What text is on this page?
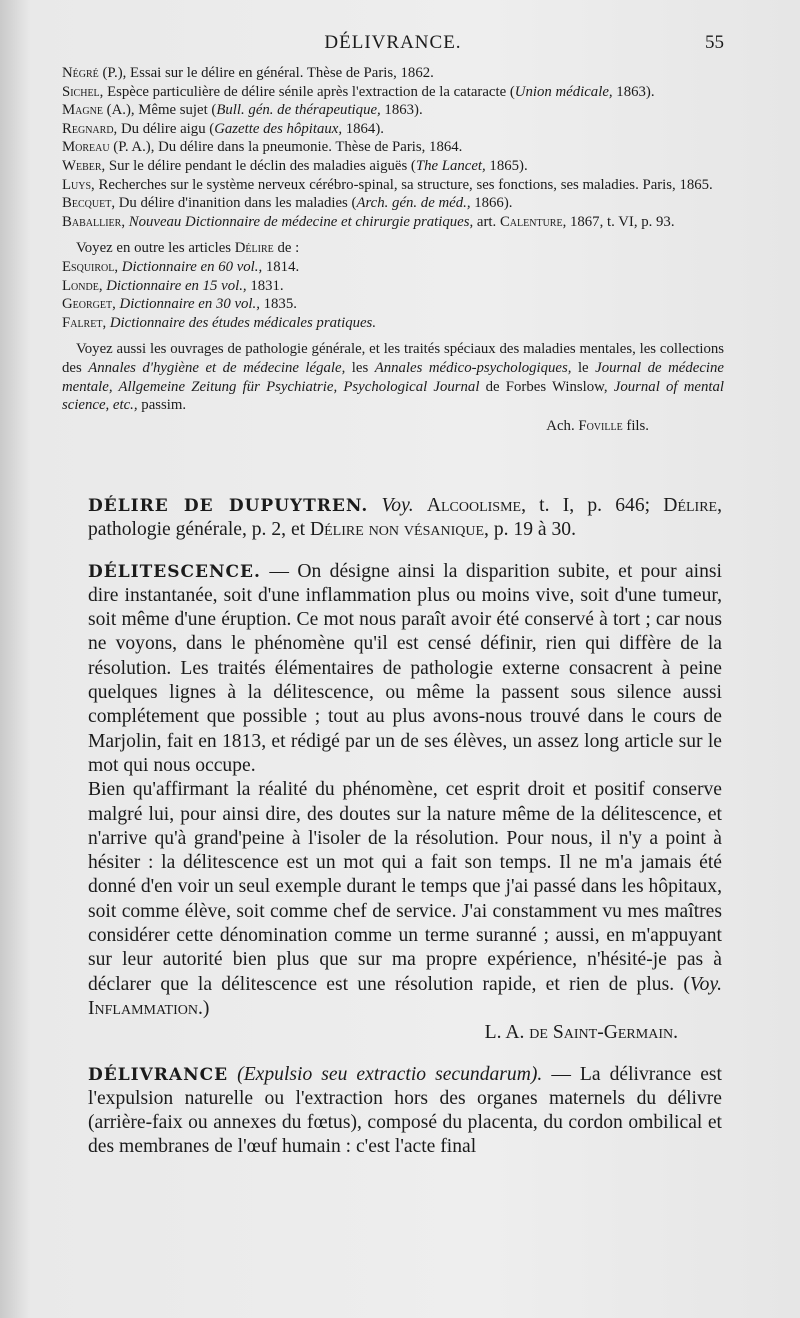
DÉLIVRANCE.	55

Négré (P.), Essai sur le délire en général. Thèse de Paris, 1862.

Sichel, Espèce particulière de délire sénile après l'extraction de la cataracte (Union médicale, 1863).

Magne (A.), Même sujet (Bull. gén. de thérapeutique, 1863).

Regnard, Du délire aigu (Gazette des hôpitaux, 1864).

Moreau (P. A.), Du délire dans la pneumonie. Thèse de Paris, 1864.

Weber, Sur le délire pendant le déclin des maladies aiguës (The Lancet, 1865).

Luys, Recherches sur le système nerveux cérébro-spinal, sa structure, ses fonctions, ses maladies. Paris, 1865.

Becquet, Du délire d'inanition dans les maladies (Arch. gén. de méd., 1866).

Baballier, Nouveau Dictionnaire de médecine et chirurgie pratiques, art. Calenture, 1867, t. VI, p. 93.

Voyez en outre les articles Délire de :

Esquirol, Dictionnaire en 60 vol., 1814.

Londe, Dictionnaire en 15 vol., 1831.

Georget, Dictionnaire en 30 vol., 1835.

Falret, Dictionnaire des études médicales pratiques.

Voyez aussi les ouvrages de pathologie générale, et les traités spéciaux des maladies mentales, les collections des Annales d'hygiène et de médecine légale, les Annales médico-psychologiques, le Journal de médecine mentale, Allgemeine Zeitung für Psychiatrie, Psychological Journal de Forbes Winslow, Journal of mental science, etc., passim.

Ach. Foville fils.

DÉLIRE DE DUPUYTREN. Voy. Alcoolisme, t. I, p. 646; Délire, pathologie générale, p. 2, et Délire non vésanique, p. 19 à 30.

DÉLITESCENCE. — On désigne ainsi la disparition subite, et pour ainsi dire instantanée, soit d'une inflammation plus ou moins vive, soit d'une tumeur, soit même d'une éruption. Ce mot nous paraît avoir été conservé à tort ; car nous ne voyons, dans le phénomène qu'il est censé définir, rien qui diffère de la résolution. Les traités élémentaires de pathologie externe consacrent à peine quelques lignes à la délitescence, ou même la passent sous silence aussi complétement que possible ; tout au plus avons-nous trouvé dans le cours de Marjolin, fait en 1813, et rédigé par un de ses élèves, un assez long article sur le mot qui nous occupe.

Bien qu'affirmant la réalité du phénomène, cet esprit droit et positif conserve malgré lui, pour ainsi dire, des doutes sur la nature même de la délitescence, et n'arrive qu'à grand'peine à l'isoler de la résolution. Pour nous, il n'y a point à hésiter : la délitescence est un mot qui a fait son temps. Il ne m'a jamais été donné d'en voir un seul exemple durant le temps que j'ai passé dans les hôpitaux, soit comme élève, soit comme chef de service. J'ai constamment vu mes maîtres considérer cette dénomination comme un terme suranné ; aussi, en m'appuyant sur leur autorité bien plus que sur ma propre expérience, n'hésité-je pas à déclarer que la délitescence est une résolution rapide, et rien de plus. (Voy. Inflammation.)

L. A. de Saint-Germain.

DÉLIVRANCE (Expulsio seu extractio secundarum). — La délivrance est l'expulsion naturelle ou l'extraction hors des organes maternels du délivre (arrière-faix ou annexes du fœtus), composé du placenta, du cordon ombilical et des membranes de l'œuf humain : c'est l'acte final
